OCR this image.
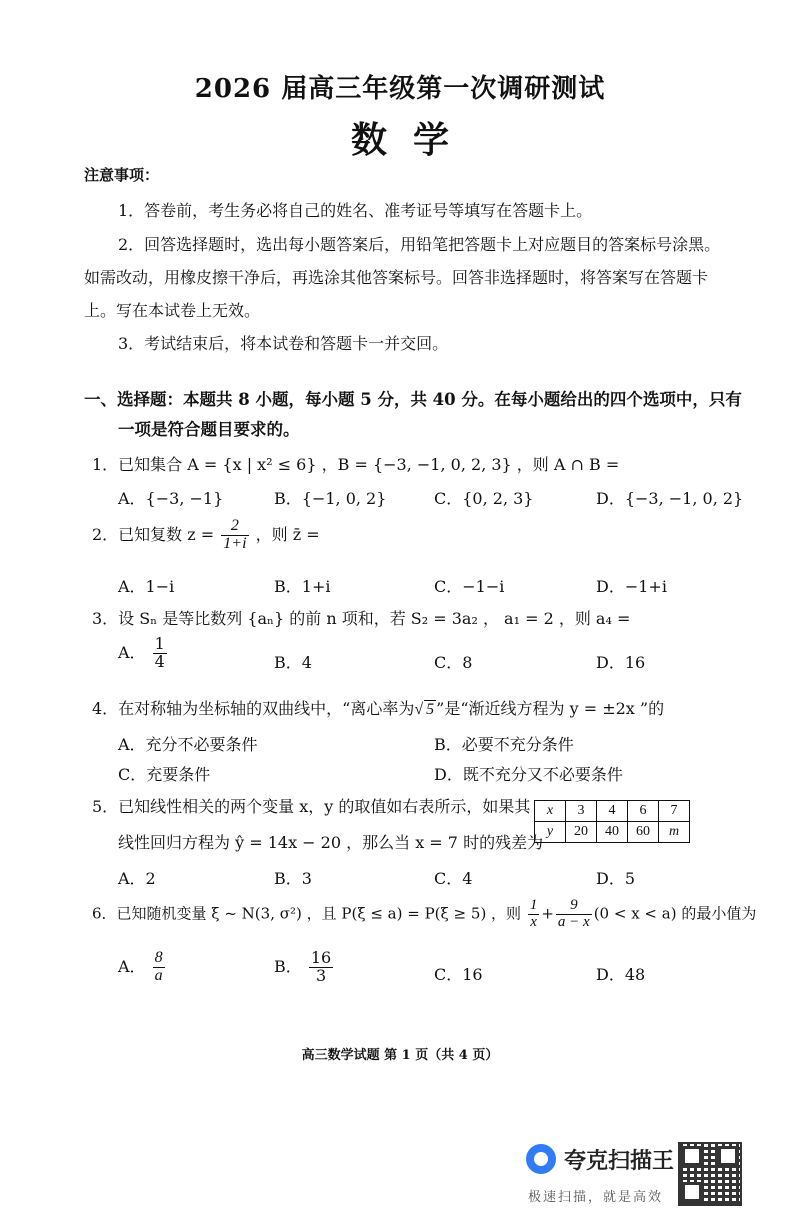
2026 届高三年级第一次调研测试
数学
注意事项：
1．答卷前，考生务必将自己的姓名、准考证号等填写在答题卡上。
2．回答选择题时，选出每小题答案后，用铅笔把答题卡上对应题目的答案标号涂黑。
如需改动，用橡皮擦干净后，再选涂其他答案标号。回答非选择题时，将答案写在答题卡
上。写在本试卷上无效。
3．考试结束后，将本试卷和答题卡一并交回。
一、选择题：本题共 8 小题，每小题 5 分，共 40 分。在每小题给出的四个选项中，只有
一项是符合题目要求的。
1．已知集合 A = {x | x² ≤ 6} ，B = {−3, −1, 0, 2, 3} ，则 A ∩ B =
A．{−3, −1}	B．{−1, 0, 2}	C．{0, 2, 3}	D．{−3, −1, 0, 2}
2．已知复数 $z = \frac{2}{1+i}$ ，则 z̄ =
A．1−i	B．1+i	C．−1−i	D．−1+i
3．设 Sₙ 是等比数列 {aₙ} 的前 n 项和，若 S₂ = 3a₂ ， a₁ = 2 ，则 a₄ =
A． $\frac{1}{4}$	B．4	C．8	D．16
4．在对称轴为坐标轴的双曲线中，“离心率为√ 5 ”是“渐近线方程为 y = ±2x ”的
A．充分不必要条件	B．必要不充分条件
C．充要条件	D．既不充分又不必要条件
5．已知线性相关的两个变量 x，y 的取值如右表所示，如果其
线性回归方程为 ŷ = 14x − 20 ，那么当 x = 7 时的残差为
x	3	4	6	7
y	20	40	60	m
A．2	B．3	C．4	D．5
6．已知随机变量 ξ ~ N(3, σ²) ，且 P(ξ ≤ a) = P(ξ ≥ 5) ，则 $\frac{1}{x} + \frac{9}{a - x} (0 < x < a)$ 的最小值为
A． $\frac{8}{a}$	B． $\frac{16}{3}$	C．16	D．48
高三数学试题 第 1 页（共 4 页）
夸克扫描王
极速扫描，就是高效
